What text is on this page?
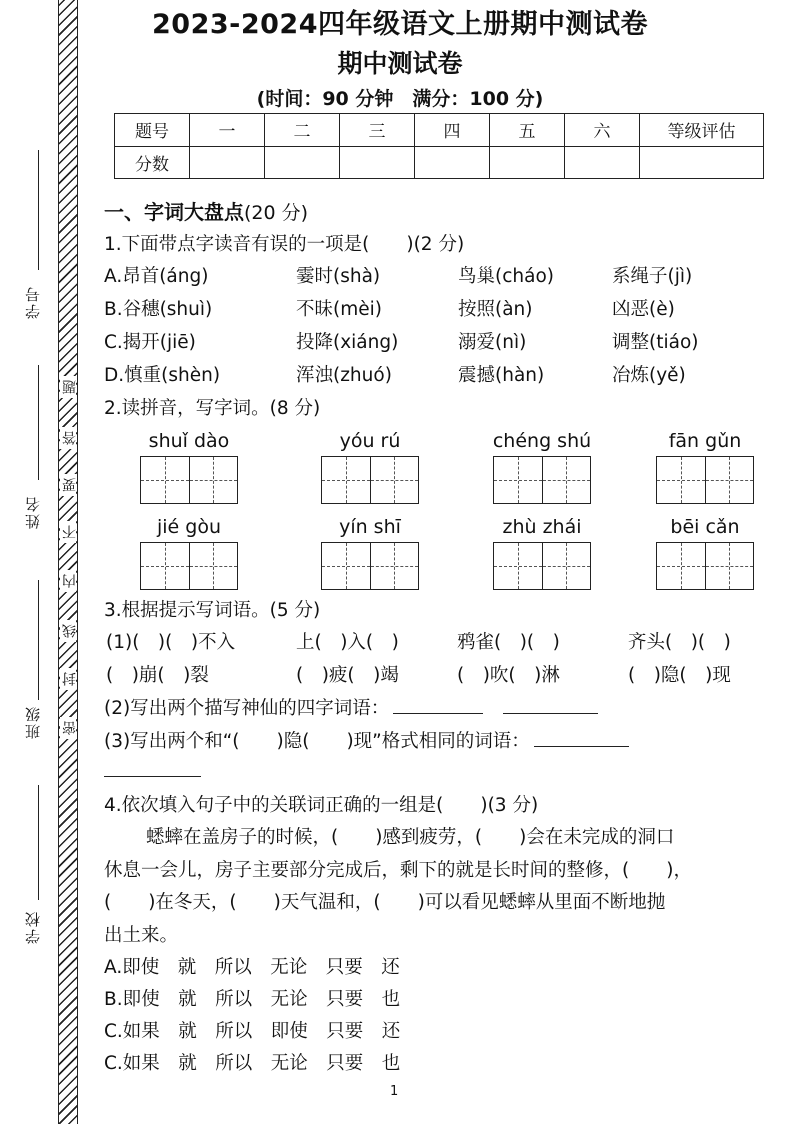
学号
姓名
班级
学校
题
答
要
不
内
线
封
密
2023-2024四年级语文上册期中测试卷
期中测试卷
(时间：90 分钟　满分：100 分)
题号	一	二	三	四	五	六	等级评估
分数							
一、字词大盘点(20 分)
1.下面带点字读音有误的一项是(　　)(2 分)
A.昂首(áng)	霎时(shà)	鸟巢(cháo)	系绳子(jì)
B.谷穗(shuì)	不昧(mèi)	按照(àn)	凶恶(è)
C.揭开(jiē)	投降(xiáng)	溺爱(nì)	调整(tiáo)
D.慎重(shèn)	浑浊(zhuó)	震撼(hàn)	冶炼(yě)
2.读拼音，写字词。(8 分)
shuǐ dào	yóu rú	chéng shú	fān gǔn
jié gòu	yín shī	zhù zhái	bēi cǎn
3.根据提示写词语。(5 分)
(1)(　)(　)不入	上(　)入(　)	鸦雀(　)(　)	齐头(　)(　)
(　)崩(　)裂	(　)疲(　)竭	(　)吹(　)淋	(　)隐(　)现
(2)写出两个描写神仙的四字词语：
(3)写出两个和“(　　)隐(　　)现”格式相同的词语：
4.依次填入句子中的关联词正确的一组是(　　)(3 分)
蟋蟀在盖房子的时候，(　　)感到疲劳，(　　)会在未完成的洞口
休息一会儿，房子主要部分完成后，剩下的就是长时间的整修，(　　)，
(　　)在冬天，(　　)天气温和，(　　)可以看见蟋蟀从里面不断地抛
出土来。
A.即使　就　所以　无论　只要　还
B.即使　就　所以　无论　只要　也
C.如果　就　所以　即使　只要　还
C.如果　就　所以　无论　只要　也
1
